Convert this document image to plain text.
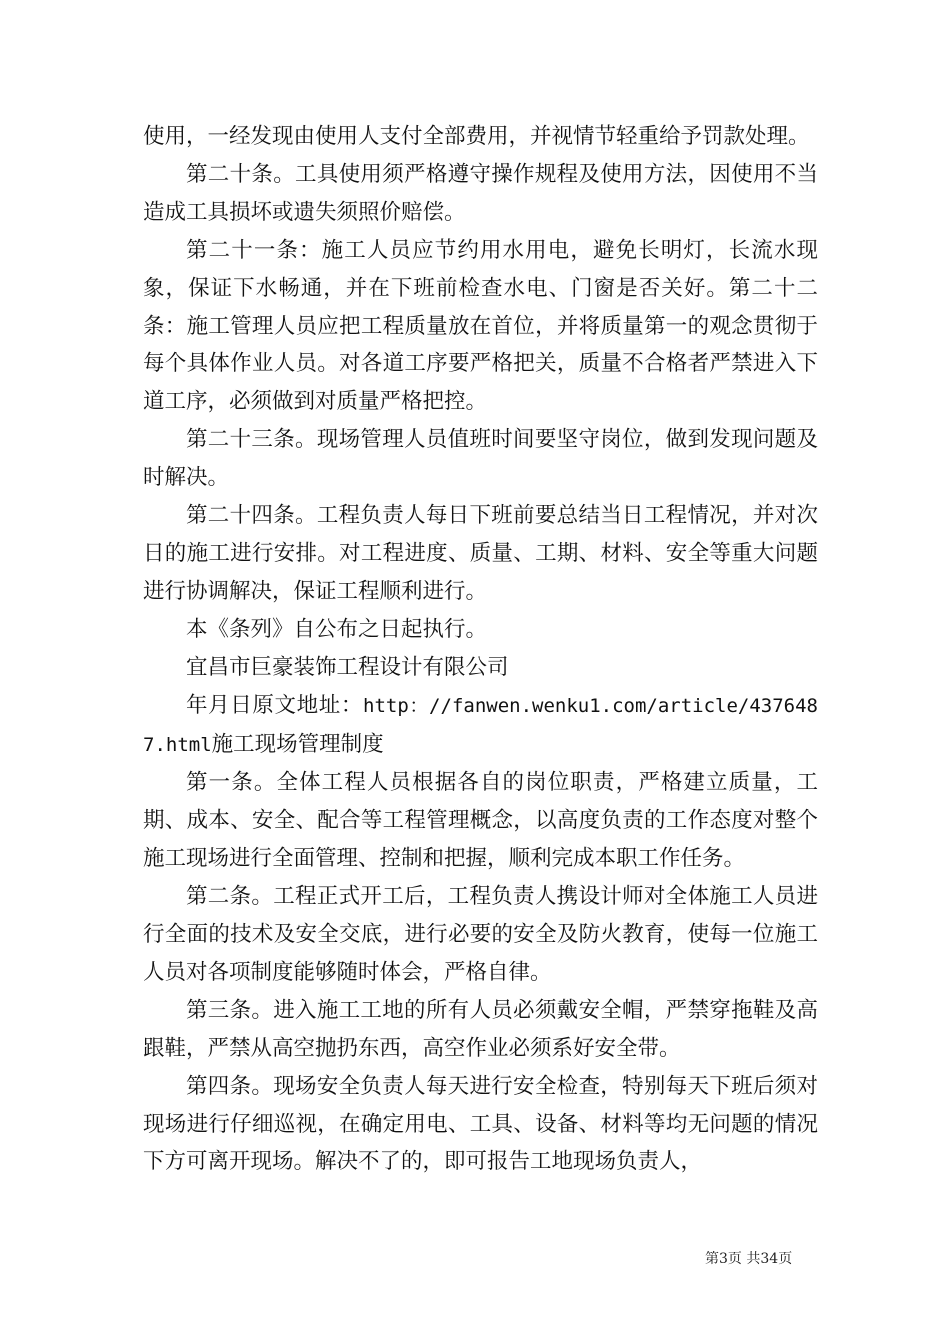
使用，一经发现由使用人支付全部费用，并视情节轻重给予罚款处理。

第二十条。工具使用须严格遵守操作规程及使用方法，因使用不当造成工具损坏或遗失须照价赔偿。

第二十一条：施工人员应节约用水用电，避免长明灯，长流水现象，保证下水畅通，并在下班前检查水电、门窗是否关好。第二十二条：施工管理人员应把工程质量放在首位，并将质量第一的观念贯彻于每个具体作业人员。对各道工序要严格把关，质量不合格者严禁进入下道工序，必须做到对质量严格把控。

第二十三条。现场管理人员值班时间要坚守岗位，做到发现问题及时解决。

第二十四条。工程负责人每日下班前要总结当日工程情况，并对次日的施工进行安排。对工程进度、质量、工期、材料、安全等重大问题进行协调解决，保证工程顺利进行。

本《条列》自公布之日起执行。

宜昌市巨豪装饰工程设计有限公司

年月日原文地址：http：//fanwen.wenku1.com/article/4376487.html施工现场管理制度

第一条。全体工程人员根据各自的岗位职责，严格建立质量，工期、成本、安全、配合等工程管理概念，以高度负责的工作态度对整个施工现场进行全面管理、控制和把握，顺利完成本职工作任务。

第二条。工程正式开工后，工程负责人携设计师对全体施工人员进行全面的技术及安全交底，进行必要的安全及防火教育，使每一位施工人员对各项制度能够随时体会，严格自律。

第三条。进入施工工地的所有人员必须戴安全帽，严禁穿拖鞋及高跟鞋，严禁从高空抛扔东西，高空作业必须系好安全带。

第四条。现场安全负责人每天进行安全检查，特别每天下班后须对现场进行仔细巡视，在确定用电、工具、设备、材料等均无问题的情况下方可离开现场。解决不了的，即可报告工地现场负责人，

第3页 共34页
